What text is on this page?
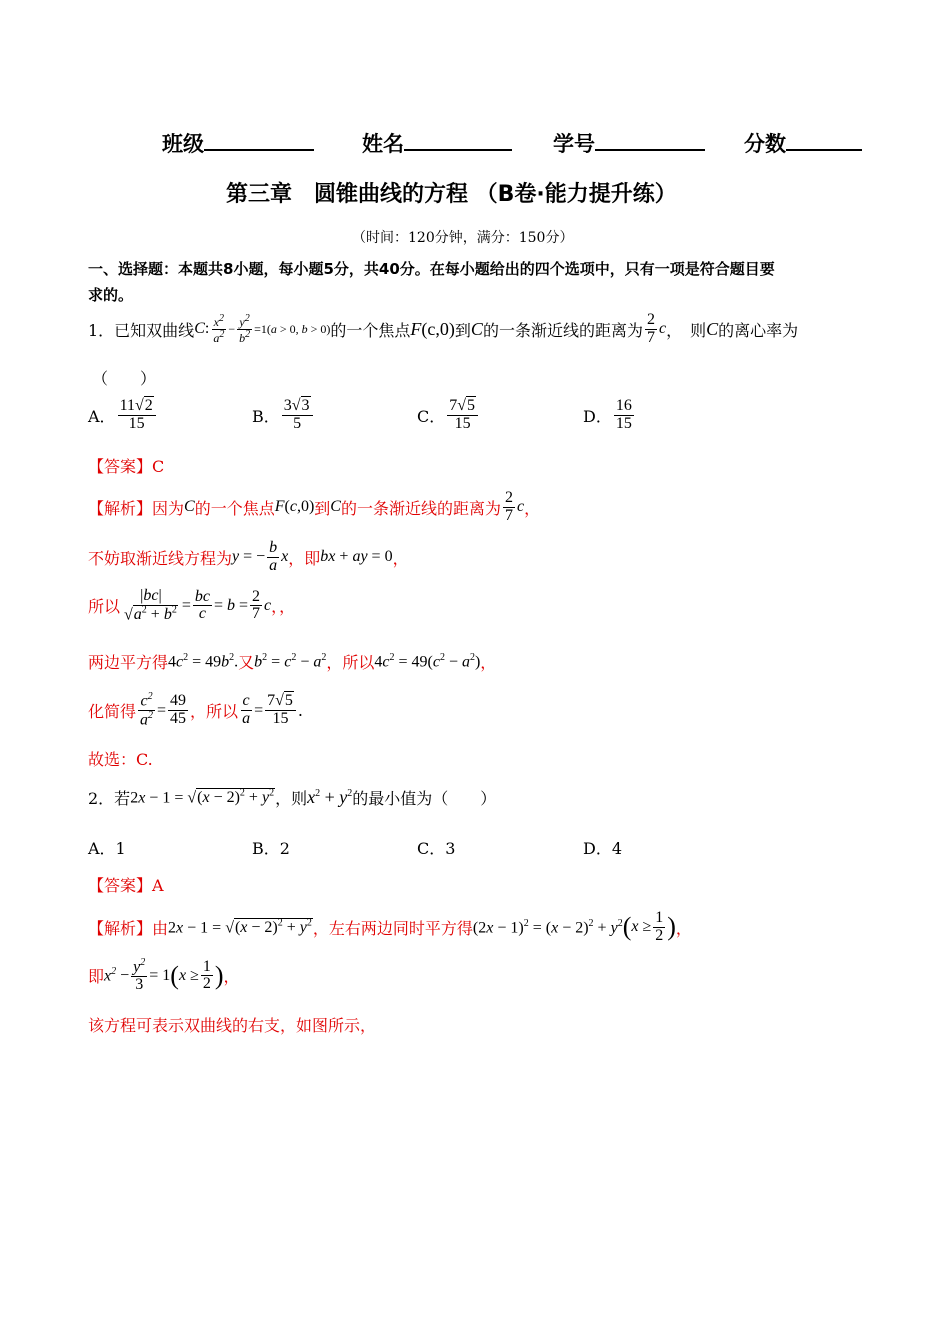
班级	姓名	学号	分数
第三章　圆锥曲线的方程 （B卷·能力提升练）
（时间：120分钟，满分：150分）
一、选择题：本题共8小题，每小题5分，共40分。在每小题给出的四个选项中，只有一项是符合题目要
求的。
1．已知双曲线 C : $\frac{x^2}{a^2} - \frac{y^2}{b^2} =1(a > 0$, b > 0) 的一个焦点 F (c,0) 到 C 的一条渐近线的距离为 $\frac{2}{7}$ c ，　则 C 的离心率为
（　　）
A． $\frac{11√2}{15}$	B． $\frac{3√3}{5}$	C． $\frac{7√5}{15}$	D． $\frac{16}{15}$
【答案】C
【解析】 因为 C 的一个焦点 F(c,0) 到 C 的一条渐近线的距离为 $\frac{2}{7}$ c ，
不妨取渐近线方程为 y = − $\frac{b}{a}$ x ，即 bx + ay = 0 ，
所以 $\frac{|bc|}{√a^2 + b^2} = \frac{bc}{c} = b = \frac{2}{7}$ c ，，
两边平方得 $4c^2 = 49b^2$. 又 $b^2 = c^2 - a^2$ ，所以 $4c^2 = 49(c^2 - a^2)$ ，
化简得 $\frac{c^2}{a^2} = \frac{49}{45}$ ，所以 $\frac{c}{a} = \frac{7√5}{15}$ .
故选：C.
2．若 $2x - 1 = √(x - 2)^2 + y^2$ ，则 $x^2 + y^2$ 的最小值为（　　）
A．1	B．2	C．3	D．4
【答案】A
【解析】 由 $2x - 1 = √(x - 2)^2 + y^2$ ，左右两边同时平方得 $(2x - 1)^2 = (x - 2)^2 + y^2$ ( $x \ge \frac{1}{2}$ ) ，
即 $x^2 - \frac{y^2}{3} = 1$ ( $x \ge \frac{1}{2}$ ) ，
该方程可表示双曲线的右支，如图所示，
